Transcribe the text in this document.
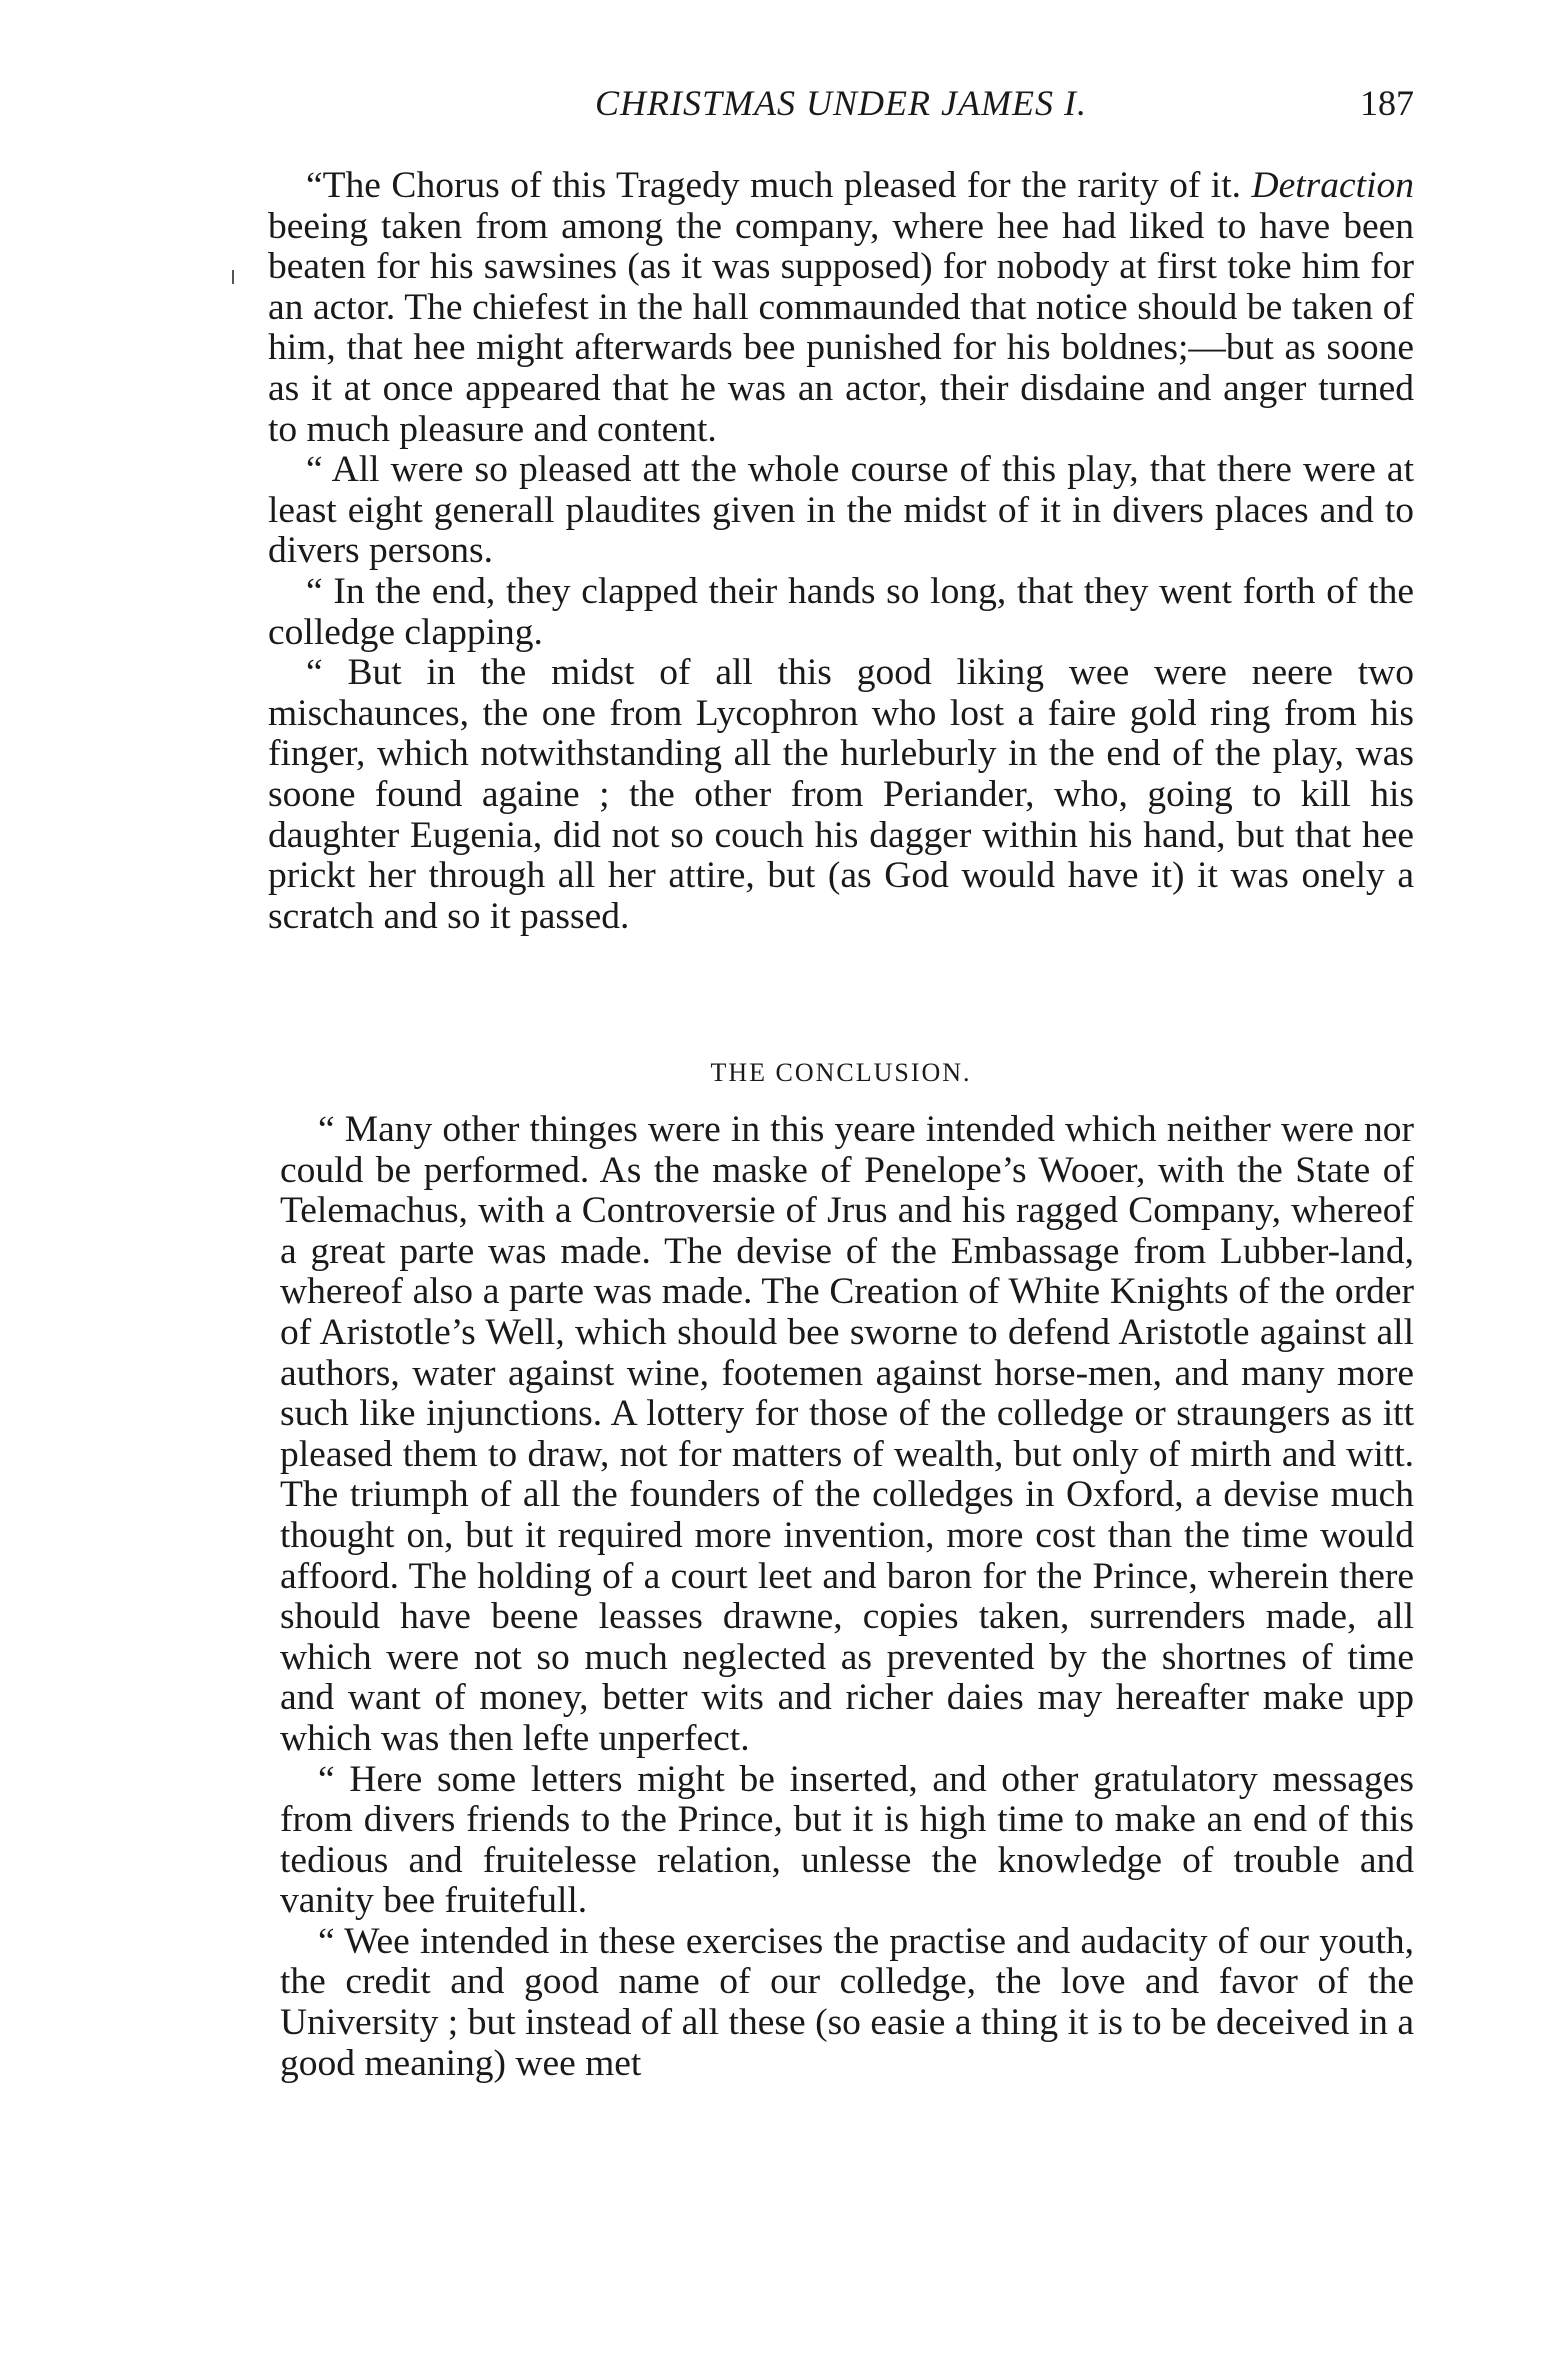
CHRISTMAS UNDER JAMES I.	187

“The Chorus of this Tragedy much pleased for the rarity of it. Detraction beeing taken from among the company, where hee had liked to have been beaten for his sawsines (as it was supposed) for nobody at first toke him for an actor. The chiefest in the hall commaunded that notice should be taken of him, that hee might afterwards bee punished for his boldnes;—but as soone as it at once appeared that he was an actor, their disdaine and anger turned to much pleasure and content.

“ All were so pleased att the whole course of this play, that there were at least eight generall plaudites given in the midst of it in divers places and to divers persons.

“ In the end, they clapped their hands so long, that they went forth of the colledge clapping.

“ But in the midst of all this good liking wee were neere two mischaunces, the one from Lycophron who lost a faire gold ring from his finger, which notwithstanding all the hurleburly in the end of the play, was soone found againe ; the other from Periander, who, going to kill his daughter Eugenia, did not so couch his dagger within his hand, but that hee prickt her through all her attire, but (as God would have it) it was onely a scratch and so it passed.

THE CONCLUSION.

“ Many other thinges were in this yeare intended which neither were nor could be performed. As the maske of Penelope’s Wooer, with the State of Telemachus, with a Controversie of Jrus and his ragged Company, whereof a great parte was made. The devise of the Embassage from Lubber-land, whereof also a parte was made. The Creation of White Knights of the order of Aristotle’s Well, which should bee sworne to defend Aristotle against all authors, water against wine, footemen against horse-men, and many more such like injunctions. A lottery for those of the colledge or straungers as itt pleased them to draw, not for matters of wealth, but only of mirth and witt. The triumph of all the founders of the colledges in Oxford, a devise much thought on, but it required more invention, more cost than the time would affoord. The holding of a court leet and baron for the Prince, wherein there should have beene leasses drawne, copies taken, surrenders made, all which were not so much neglected as prevented by the shortnes of time and want of money, better wits and richer daies may hereafter make upp which was then lefte unperfect.

“ Here some letters might be inserted, and other gratulatory messages from divers friends to the Prince, but it is high time to make an end of this tedious and fruitelesse relation, unlesse the knowledge of trouble and vanity bee fruitefull.

“ Wee intended in these exercises the practise and audacity of our youth, the credit and good name of our colledge, the love and favor of the University ; but instead of all these (so easie a thing it is to be deceived in a good meaning) wee met
